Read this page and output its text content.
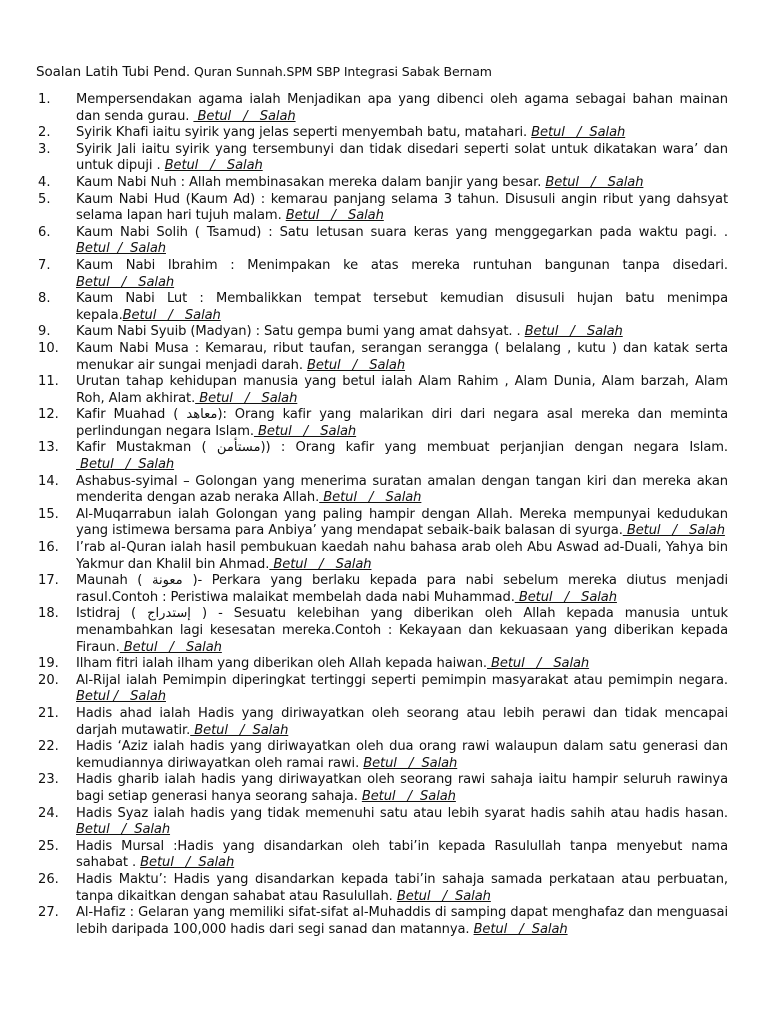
Soalan Latih Tubi Pend. Quran Sunnah.SPM SBP Integrasi Sabak Bernam
1.	Mempersendakan agama ialah Menjadikan apa yang dibenci oleh agama sebagai bahan mainan dan senda gurau.  Betul   /   Salah
2.	Syirik Khafi iaitu syirik yang jelas seperti menyembah batu, matahari. Betul   /  Salah
3.	Syirik Jali iaitu syirik yang tersembunyi dan tidak disedari seperti solat untuk dikatakan wara’ dan untuk dipuji . Betul   /   Salah
4.	Kaum Nabi Nuh : Allah membinasakan mereka dalam banjir yang besar. Betul   /   Salah
5.	Kaum Nabi Hud (Kaum Ad) : kemarau panjang selama 3 tahun. Disusuli angin ribut yang dahsyat selama lapan hari tujuh malam. Betul   /   Salah
6.	Kaum Nabi Solih ( Tsamud) : Satu letusan suara keras yang menggegarkan pada waktu pagi. . Betul  /  Salah
7.	Kaum Nabi Ibrahim : Menimpakan ke atas mereka runtuhan bangunan tanpa disedari. Betul   /   Salah
8.	Kaum Nabi Lut : Membalikkan tempat tersebut kemudian disusuli hujan batu menimpa kepala.Betul   /   Salah
9.	Kaum Nabi Syuib (Madyan) : Satu gempa bumi yang amat dahsyat. . Betul   /   Salah
10.	Kaum Nabi Musa : Kemarau, ribut taufan, serangan serangga ( belalang , kutu ) dan katak serta menukar air sungai menjadi darah. Betul   /   Salah
11.	Urutan tahap kehidupan manusia yang betul ialah Alam Rahim , Alam Dunia, Alam barzah, Alam Roh, Alam akhirat. Betul   /   Salah
12.	Kafir Muahad ( معاهد): Orang kafir yang malarikan diri dari negara asal mereka dan meminta perlindungan negara Islam. Betul   /   Salah
13.	Kafir Mustakman ( مستأمن)) : Orang kafir yang membuat perjanjian dengan negara Islam. Betul   /  Salah
14.	Ashabus-syimal – Golongan yang menerima suratan amalan dengan tangan kiri dan mereka akan menderita dengan azab neraka Allah. Betul   /   Salah
15.	Al-Muqarrabun ialah Golongan yang paling hampir dengan Allah. Mereka mempunyai kedudukan yang istimewa bersama para Anbiya’ yang mendapat sebaik-baik balasan di syurga. Betul   /   Salah
16.	I’rab al-Quran ialah hasil pembukuan kaedah nahu bahasa arab oleh Abu Aswad ad-Duali, Yahya bin Yakmur dan Khalil bin Ahmad. Betul   /   Salah
17.	Maunah ( معونة )- Perkara yang berlaku kepada para nabi sebelum mereka diutus menjadi rasul.Contoh : Peristiwa malaikat membelah dada nabi Muhammad. Betul   /   Salah
18.	Istidraj ( إستدراج ) - Sesuatu kelebihan yang diberikan oleh Allah kepada manusia untuk menambahkan lagi kesesatan mereka.Contoh : Kekayaan dan kekuasaan yang diberikan kepada Firaun. Betul   /   Salah
19.	Ilham fitri ialah ilham yang diberikan oleh Allah kepada haiwan. Betul   /   Salah
20.	Al-Rijal ialah Pemimpin diperingkat tertinggi seperti pemimpin masyarakat atau pemimpin negara. Betul /   Salah
21.	Hadis ahad ialah Hadis yang diriwayatkan oleh seorang atau lebih perawi dan tidak mencapai darjah mutawatir. Betul   /  Salah
22.	Hadis ‘Aziz ialah hadis yang diriwayatkan oleh dua orang rawi walaupun dalam satu generasi dan kemudiannya diriwayatkan oleh ramai rawi. Betul   /  Salah
23.	Hadis gharib ialah hadis yang diriwayatkan oleh seorang rawi sahaja iaitu hampir seluruh rawinya bagi setiap generasi hanya seorang sahaja. Betul   /  Salah
24.	Hadis Syaz ialah hadis yang tidak memenuhi satu atau lebih syarat hadis sahih atau hadis hasan. Betul   /  Salah
25.	Hadis Mursal :Hadis yang disandarkan oleh tabi’in kepada Rasulullah tanpa menyebut nama sahabat . Betul   /  Salah
26.	Hadis Maktu’: Hadis yang disandarkan kepada tabi’in sahaja samada perkataan atau perbuatan, tanpa dikaitkan dengan sahabat atau Rasulullah. Betul   /  Salah
27.	Al-Hafiz : Gelaran yang memiliki sifat-sifat al-Muhaddis di samping dapat menghafaz dan menguasai lebih daripada 100,000 hadis dari segi sanad dan matannya. Betul   /  Salah
